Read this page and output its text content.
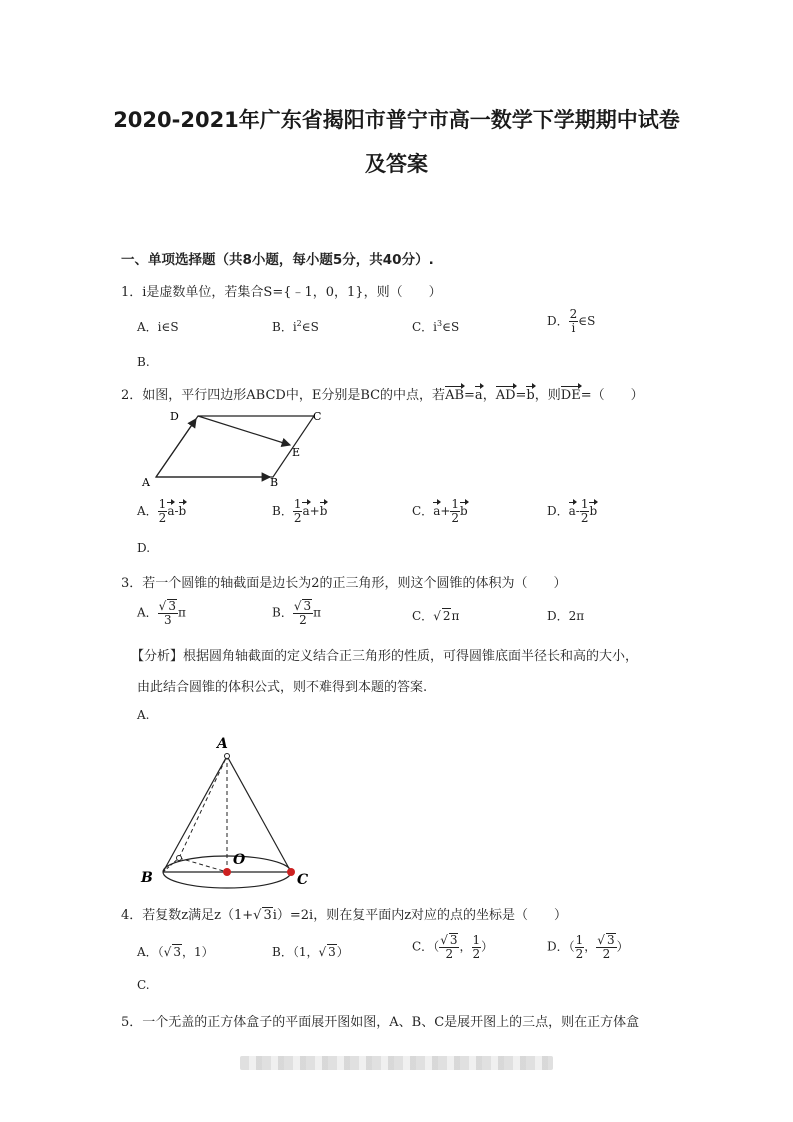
2020-2021年广东省揭阳市普宁市高一数学下学期期中试卷
及答案
一、单项选择题（共8小题，每小题5分，共40分）.
1．i是虚数单位，若集合S={﹣1，0，1}，则（　　）
A．i∈S	B．$i^2\in S$	C．$i^3\in S$	D． $\frac{2}{i}$ ∈S
B.
2．如图，平行四边形ABCD中，E分别是BC的中点，若AB=a，AD=b，则DE=（　　）
D	C
E
A	B
A． $\frac{1}{2} a-b$	B． $\frac{1}{2} a+b$	C．$a+ \frac{1}{2}$ b	D．$a- \frac{1}{2}$ b
D.
3．若一个圆锥的轴截面是边长为2的正三角形，则这个圆锥的体积为（　　）
A． $\frac{√ 3}{3}$ π	B． $\frac{√ 3}{2}$ π	C．√ 2π	D．2π
【分析】根据圆角轴截面的定义结合正三角形的性质，可得圆锥底面半径长和高的大小，
由此结合圆锥的体积公式，则不难得到本题的答案.
A.
A
B	C
O
4．若复数z满足z（1+√ 3i）=2i，则在复平面内z对应的点的坐标是（　　）
A．（√ 3，1）	B．（1，√ 3）	C．（ $\frac{√ 3}{2}$ ， $\frac{1}{2}$ ）	D．（ $\frac{1}{2}$ ， $\frac{√ 3}{2}$ ）
C.
5．一个无盖的正方体盒子的平面展开图如图，A、B、C是展开图上的三点，则在正方体盒
